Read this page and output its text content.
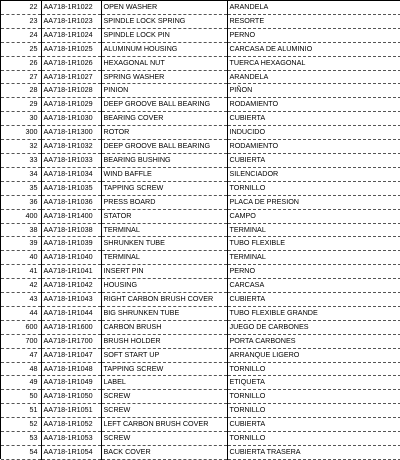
22	AA718-1R1022	OPEN WASHER	ARANDELA
23	AA718-1R1023	SPINDLE LOCK SPRING	RESORTE
24	AA718-1R1024	SPINDLE LOCK PIN	PERNO
25	AA718-1R1025	ALUMINUM HOUSING	CARCASA DE ALUMINIO
26	AA718-1R1026	HEXAGONAL NUT	TUERCA HEXAGONAL
27	AA718-1R1027	SPRING WASHER	ARANDELA
28	AA718-1R1028	PINION	PIÑON
29	AA718-1R1029	DEEP GROOVE BALL BEARING	RODAMIENTO
30	AA718-1R1030	BEARING COVER	CUBIERTA
300	AA718-1R1300	ROTOR	INDUCIDO
32	AA718-1R1032	DEEP GROOVE BALL BEARING	RODAMIENTO
33	AA718-1R1033	BEARING BUSHING	CUBIERTA
34	AA718-1R1034	WIND BAFFLE	SILENCIADOR
35	AA718-1R1035	TAPPING SCREW	TORNILLO
36	AA718-1R1036	PRESS BOARD	PLACA DE PRESION
400	AA718-1R1400	STATOR	CAMPO
38	AA718-1R1038	TERMINAL	TERMINAL
39	AA718-1R1039	SHRUNKEN TUBE	TUBO FLEXIBLE
40	AA718-1R1040	TERMINAL	TERMINAL
41	AA718-1R1041	INSERT PIN	PERNO
42	AA718-1R1042	HOUSING	CARCASA
43	AA718-1R1043	RIGHT CARBON BRUSH COVER	CUBIERTA
44	AA718-1R1044	BIG SHRUNKEN TUBE	TUBO FLEXIBLE GRANDE
600	AA718-1R1600	CARBON BRUSH	JUEGO DE CARBONES
700	AA718-1R1700	BRUSH HOLDER	PORTA CARBONES
47	AA718-1R1047	SOFT START UP	ARRANQUE LIGERO
48	AA718-1R1048	TAPPING SCREW	TORNILLO
49	AA718-1R1049	LABEL	ETIQUETA
50	AA718-1R1050	SCREW	TORNILLO
51	AA718-1R1051	SCREW	TORNILLO
52	AA718-1R1052	LEFT CARBON BRUSH COVER	CUBIERTA
53	AA718-1R1053	SCREW	TORNILLO
54	AA718-1R1054	BACK COVER	CUBIERTA TRASERA
